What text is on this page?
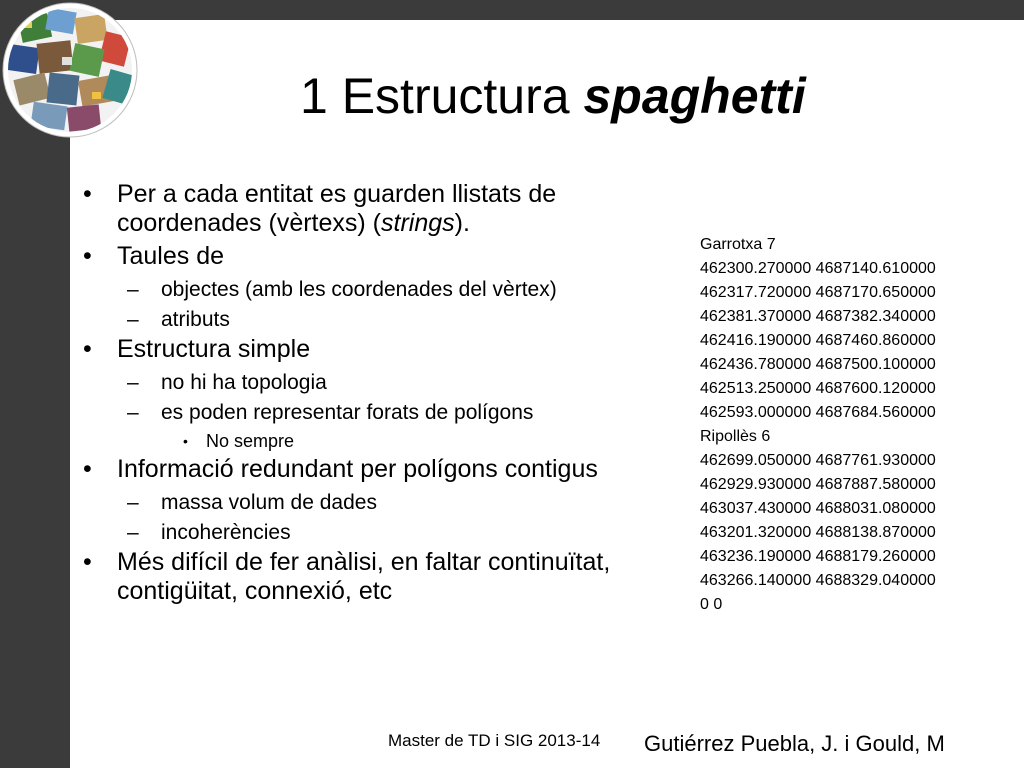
1 Estructura spaghetti
• Per a cada entitat es guarden llistats de coordenades (vèrtexs) (strings).
• Taules de
– objectes (amb les coordenades del vèrtex)
– atributs
• Estructura simple
– no hi ha topologia
– es poden representar forats de polígons
• No sempre
• Informació redundant per polígons contigus
– massa volum de dades
– incoherències
• Més difícil de fer anàlisi, en faltar continuïtat, contigüitat, connexió, etc
Garrotxa 7
462300.270000 4687140.610000
462317.720000 4687170.650000
462381.370000 4687382.340000
462416.190000 4687460.860000
462436.780000 4687500.100000
462513.250000 4687600.120000
462593.000000 4687684.560000
Ripollès 6
462699.050000 4687761.930000
462929.930000 4687887.580000
463037.430000 4688031.080000
463201.320000 4688138.870000
463236.190000 4688179.260000
463266.140000 4688329.040000
0 0
Master de TD i SIG 2013-14 Gutiérrez Puebla, J. i Gould, M
